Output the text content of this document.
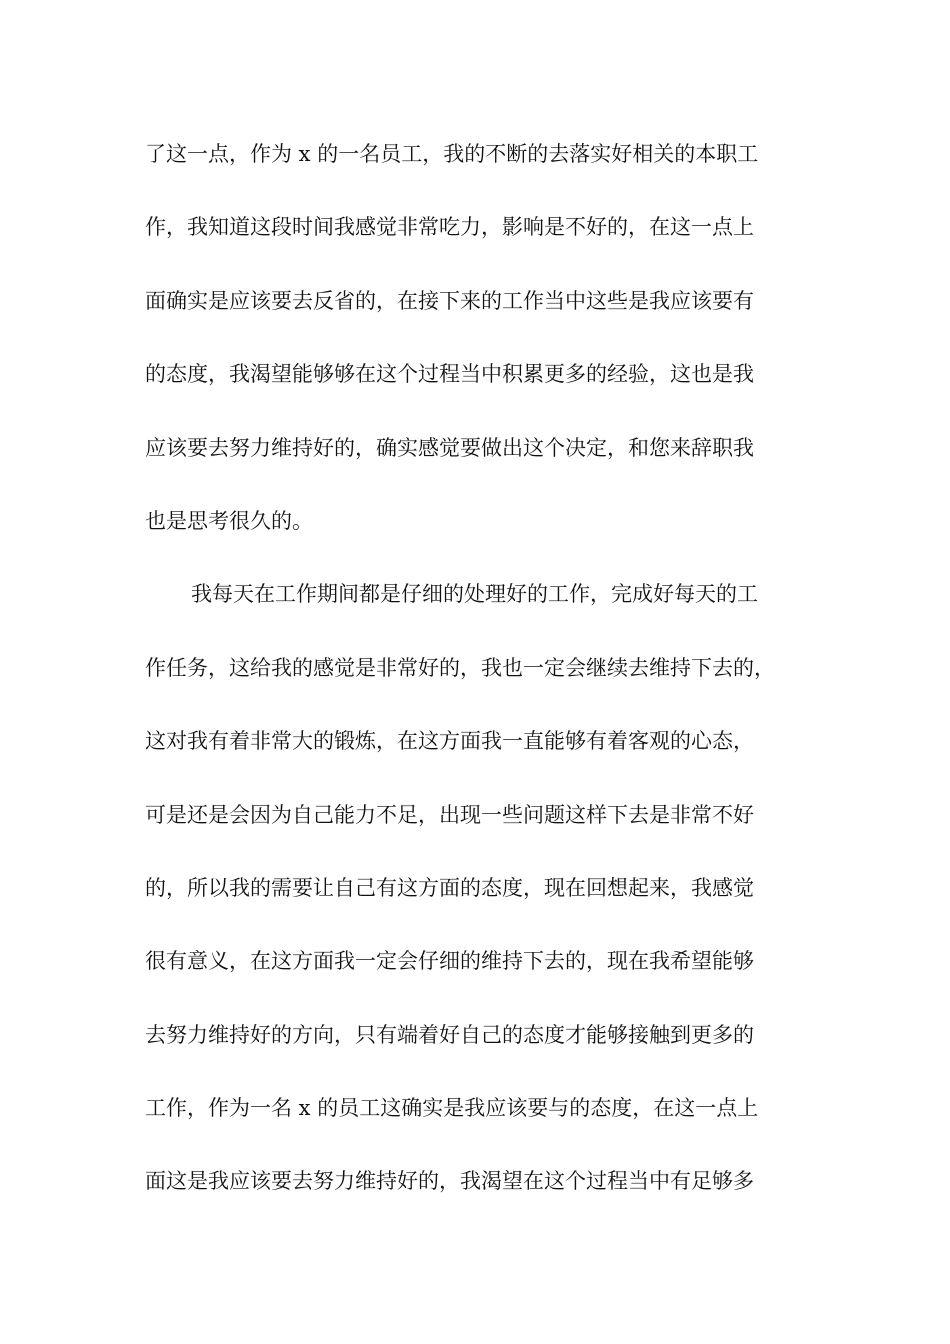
了这一点，作为 x 的一名员工，我的不断的去落实好相关的本职工
作，我知道这段时间我感觉非常吃力，影响是不好的，在这一点上
面确实是应该要去反省的，在接下来的工作当中这些是我应该要有
的态度，我渴望能够够在这个过程当中积累更多的经验，这也是我
应该要去努力维持好的，确实感觉要做出这个决定，和您来辞职我
也是思考很久的。
我每天在工作期间都是仔细的处理好的工作，完成好每天的工
作任务，这给我的感觉是非常好的，我也一定会继续去维持下去的，
这对我有着非常大的锻炼，在这方面我一直能够有着客观的心态，
可是还是会因为自己能力不足，出现一些问题这样下去是非常不好
的，所以我的需要让自己有这方面的态度，现在回想起来，我感觉
很有意义，在这方面我一定会仔细的维持下去的，现在我希望能够
去努力维持好的方向，只有端着好自己的态度才能够接触到更多的
工作，作为一名 x 的员工这确实是我应该要与的态度，在这一点上
面这是我应该要去努力维持好的，我渴望在这个过程当中有足够多
